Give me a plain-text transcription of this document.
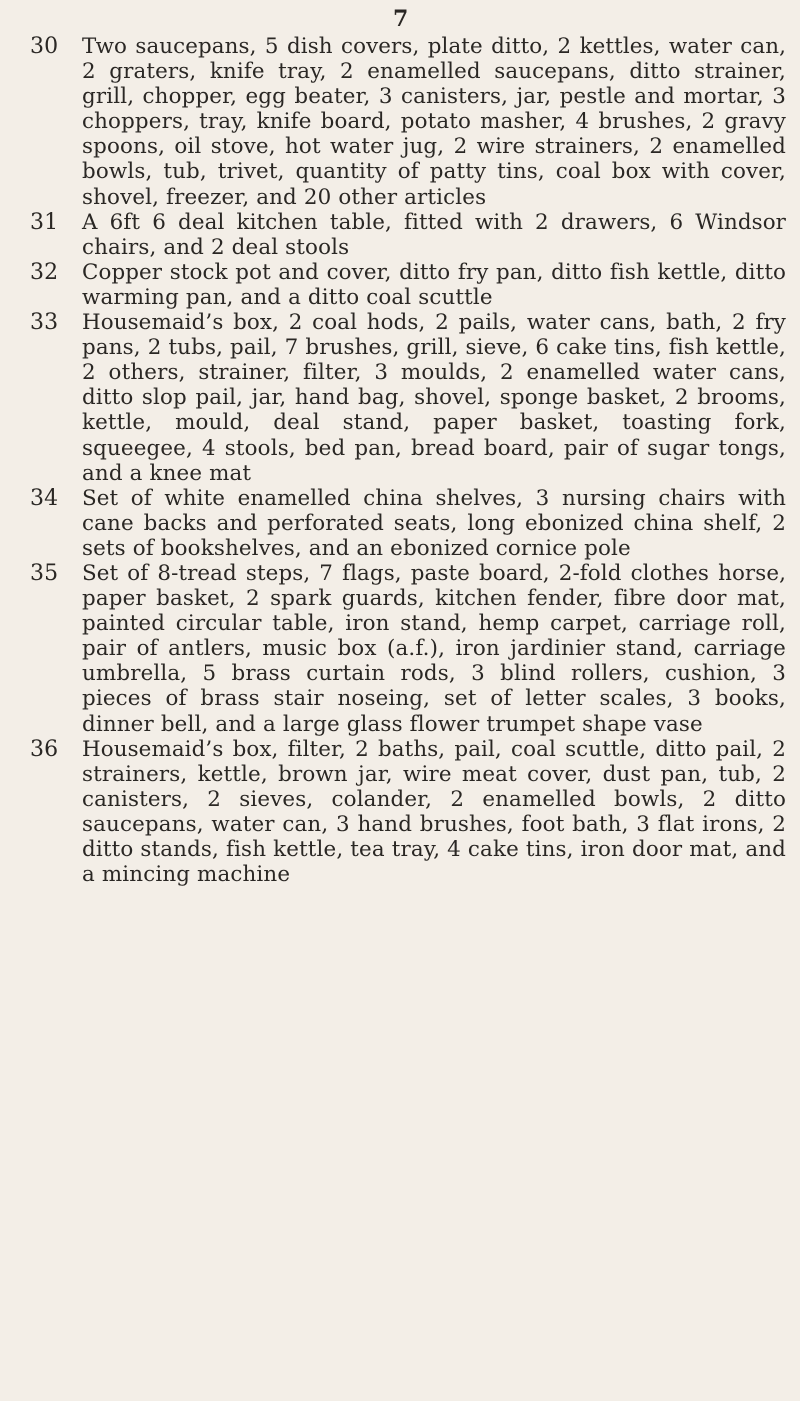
7
30 Two saucepans, 5 dish covers, plate ditto, 2 kettles, water can, 2 graters, knife tray, 2 enamelled saucepans, ditto strainer, grill, chopper, egg beater, 3 canisters, jar, pestle and mortar, 3 choppers, tray, knife board, potato masher, 4 brushes, 2 gravy spoons, oil stove, hot water jug, 2 wire strainers, 2 enamelled bowls, tub, trivet, quantity of patty tins, coal box with cover, shovel, freezer, and 20 other articles
31 A 6ft 6 deal kitchen table, fitted with 2 drawers, 6 Windsor chairs, and 2 deal stools
32 Copper stock pot and cover, ditto fry pan, ditto fish kettle, ditto warming pan, and a ditto coal scuttle
33 Housemaid’s box, 2 coal hods, 2 pails, water cans, bath, 2 fry pans, 2 tubs, pail, 7 brushes, grill, sieve, 6 cake tins, fish kettle, 2 others, strainer, filter, 3 moulds, 2 enamelled water cans, ditto slop pail, jar, hand bag, shovel, sponge basket, 2 brooms, kettle, mould, deal stand, paper basket, toasting fork, squeegee, 4 stools, bed pan, bread board, pair of sugar tongs, and a knee mat
34 Set of white enamelled china shelves, 3 nursing chairs with cane backs and perforated seats, long ebonized china shelf, 2 sets of bookshelves, and an ebonized cornice pole
35 Set of 8-tread steps, 7 flags, paste board, 2-fold clothes horse, paper basket, 2 spark guards, kitchen fender, fibre door mat, painted circular table, iron stand, hemp carpet, carriage roll, pair of antlers, music box (a.f.), iron jardinier stand, carriage umbrella, 5 brass curtain rods, 3 blind rollers, cushion, 3 pieces of brass stair noseing, set of letter scales, 3 books, dinner bell, and a large glass flower trumpet shape vase
36 Housemaid’s box, filter, 2 baths, pail, coal scuttle, ditto pail, 2 strainers, kettle, brown jar, wire meat cover, dust pan, tub, 2 canisters, 2 sieves, colander, 2 enamelled bowls, 2 ditto saucepans, water can, 3 hand brushes, foot bath, 3 flat irons, 2 ditto stands, fish kettle, tea tray, 4 cake tins, iron door mat, and a mincing machine
